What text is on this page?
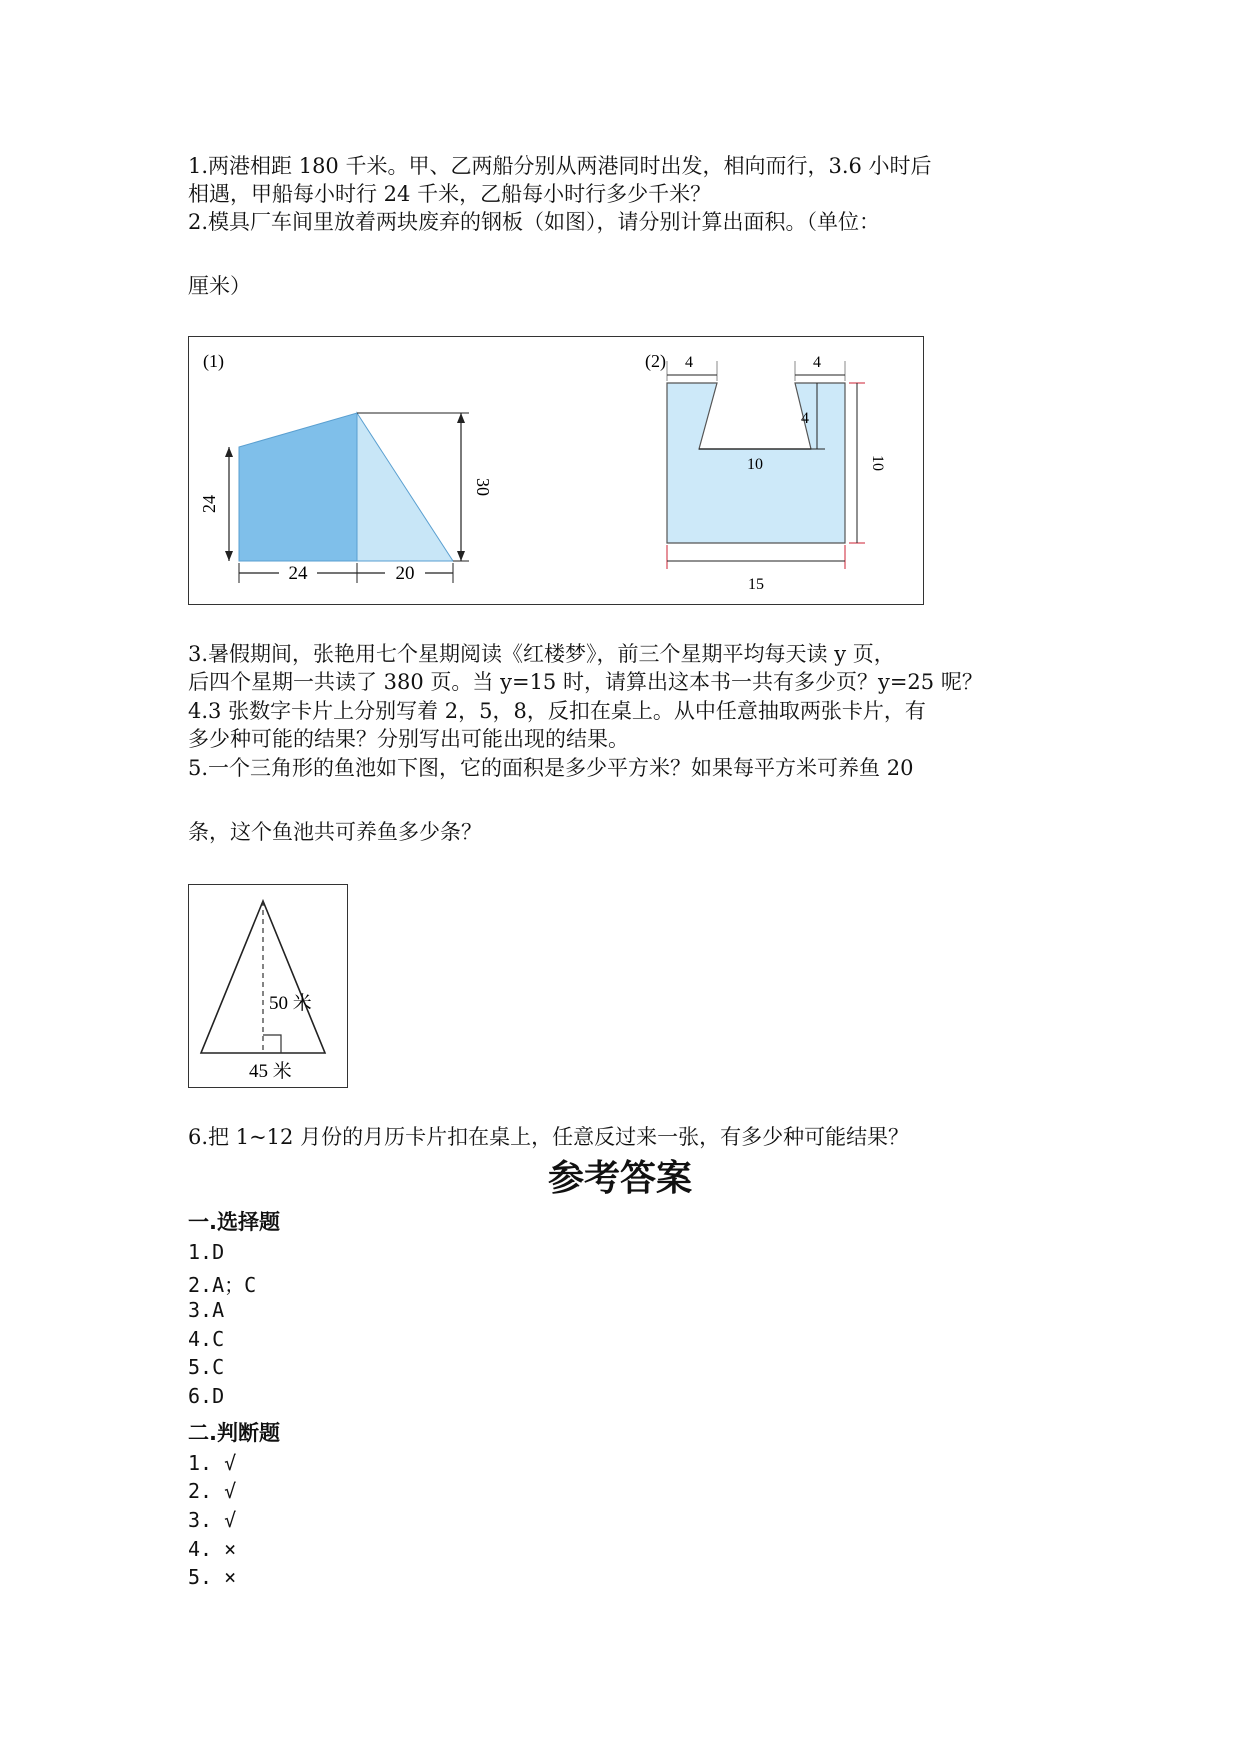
1.两港相距 180 千米。甲、乙两船分别从两港同时出发，相向而行，3.6 小时后
相遇，甲船每小时行 24 千米，乙船每小时行多少千米？
2.模具厂车间里放着两块废弃的钢板（如图），请分别计算出面积。（单位：
厘米）
(1)
24
30
24	20
(2) 4	4
4
10	10
15
3.暑假期间，张艳用七个星期阅读《红楼梦》，前三个星期平均每天读 y 页，
后四个星期一共读了 380 页。当 y=15 时，请算出这本书一共有多少页？y=25 呢？
4.3 张数字卡片上分别写着 2，5，8，反扣在桌上。从中任意抽取两张卡片，有
多少种可能的结果？分别写出可能出现的结果。
5.一个三角形的鱼池如下图，它的面积是多少平方米？如果每平方米可养鱼 20
条，这个鱼池共可养鱼多少条？
50 米
45 米
6.把 1~12 月份的月历卡片扣在桌上，任意反过来一张，有多少种可能结果？
参考答案
一.选择题
1.D
2.A；C
3.A
4.C
5.C
6.D
二.判断题
1. √
2. √
3. √
4. ×
5. ×
